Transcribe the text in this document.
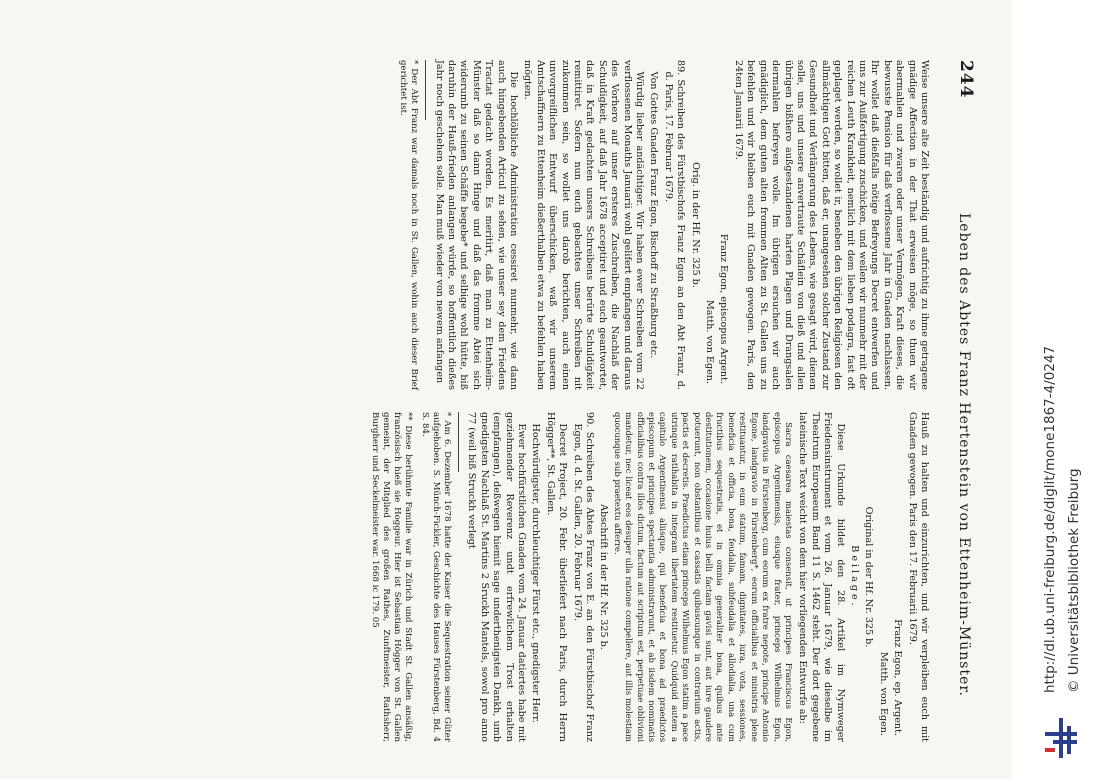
244
Leben des Abtes Franz Hertenstein von Ettenheim-Münster.

Weise unsere alte Zeit beständig und aufrichtig zu ihme getragene gnädige Affection in der That erweisen möge, so thuen wir abermahlen und zwaren oder unser Vermögen, Kraft dieses, die bewusste Pension für daß verflossene Jahr in Gnaden nachlassen. Ihr wollet daß dießfalls nötige Befreyungs Decret entwerfen und uns zur Außfertigung zuschicken, und weilen wir nunmehr mit der reichen Leuth Krankheit, nemlich mit dem lieben podagra, fast oft geplaget werden, so wollet ir, beneben den übrigen Religiosen den allmächtigen Gott bitten, daß er, unangesehen solcher Zustand zur Gesundheit und Verlängerung des Lebens, wie gesagt wird, dienen solle, uns und unsere anvertraute Schäflein von dieß und allen übrigen bißhero außgestandenen harten Plagen und Drangsalen dermahlen befreyen wolle. Im übrigen ersuchen wir auch gnädiglich, dem guten alten frommen Alten zu St. Gallen uns zu befehlen und wir bleiben euch mit Gnaden gewogen. Paris, den 24ten Januarii 1679.

Franz Egon, episcopus Argent.

Matth. von Egen.

Orig. in der Hf. Nr. 325 b.

89. Schreiben des Fürstbischofs Franz Egon an den Abt Franz, d. d. Paris, 17. Februar 1679.

Von Gottes Gnaden Franz Egon, Bischoff zu Straßburg etc.

Würdig lieber andächtiger. Wir haben ewer Schreiben vom 22 verflossenen Monaths Januarii wohl gelifert empfangen und daraus des Vorhero auf unser ersteres Zuschreiben, die Nachlaß der Schuldigkeit, auf daß Jahr 1678 acceptiret und euch geantwortet, daß in Kraft gedachten unsers Schreibens berürte Schuldigkeit remittiret. Sofern nun euch gebachtes unser Schreiben nit zukommen sein, so wollet uns darob berichten, auch einen unvorgreiflichen Entwurf überschicken, waß wir unserem Amtschaffnern zu Ettenheim dießerthalben etwa zu befehlen haben mögten.

Die hochlöbliche Administration cessiret nunmehr, wie dann auch hingebenden Articul zu sehen, wie unser sey dem Friedens Tractat gedacht worden. Es meritirt, daß man zu Ettenheim-Münster daß so dann Hinge und daß das fromme Abtei sich widerumb zu seinen Schäffe begebe* und selbige wohl hütte, biß daruhin der Hauß-frieden anlangen würde, so hoffentlich dießes Jahr noch geschehen solle. Man muß wieder von newem anfangen

* Der Abt Franz war damals noch in St. Gallen, wohin auch dieser Brief gerichtet ist.

Hauß zu halten und einzurichten, und wir verpleiben euch mit Gnaden gewogen. Paris den 17. Februarii 1679.

Franz Egon, ep. Argent.

Matth. von Egen.

Original in der Hf. Nr. 325 b.

Beilage.

Diese Urkunde bildet den 28. Artikel im Nymweger Friedensinstrument et vom 26. Januar 1679, wie dieselbe im Theatrum Europaeum Band 11 S. 1462 steht. Der dort gegebene lateinische Text weicht von dem hier vorliegenden Entwurfe ab:

Sacra caesarea maiestas consensit, ut principes Franciscus Egon, episcopus Argentinensis, eiusque frater, princeps Wilhelmus Egon, landgravius in Fürstenberg, cum eorum ex fratre nepote, principe Antonio Egone, landgravio in Fürstenberg*, eorum officialibus et ministris plene restituantur, in eum statum, famam, dignitates, iura, vota, sessiones, beneficia et officia, bona, feudalia, subfeudalia et allodialia, una cum fructibus sequestratis, et in omnia generaliter bona, quibus ante destitutionem, occasione huius belli factam gavisi sunt, aut iure gaudere potuerunt, non obstantibus et cassatis quibuscunque in contrarium actis, pactis et decretis. Praedictus etiam princeps Wilhelmus Egon statim a pace utrinque ratihabita in integram libertatem restituetur. Quidquid autem a capitulo Argentinensi aliisque, qui beneficia et bona ad praedictos episcopum et principes spectantia administrarunt, et ab iisdem nominatis officialibus contra illos dictum, factum aut scriptum est, perpetuae oblivioni mandetur, nec liceat eos desuper ulla ratione compellere, aut illis molestiam quocunque sub praetextu afferre.

Abschrift in der Hf. Nr. 325 b.

90. Schreiben des Abtes Franz von E. an den Fürstbischof Franz Egon, d. d. St. Gallen, 20. Februar 1679.

Decret Project, 20. Febr. überliefert nach Paris, durch Herrn Högger**, St. Gallen.

Hochwürdigster, durchleuchtiger Fürst etc., gnedigster Herr.

Ewer hochfürstlichen Gnaden vom 24. Januar datiertes habe mit geziehmender Reverenz undt erfrewlichem Trost erhalten (empfangen), deßwegen hiemit sage underthenigsten Dankh, umb gnedigsten Nachlaß St. Martins 2 Sruckh Mantels, sowol pro anno 77 (weil biß Struckh verlegt

* Am 6. Dezember 1678 hatte der Kaiser die Sequestration seiner Güter aufgehoben. S. Münch-Fickler, Geschichte des Hauses Fürstenberg, Bd. 4 S. 84.

** Diese berühmte Familie war in Zürich und Stadt St. Gallen ansäßig, französisch hieß sie Hoggeur. Hier ist Sebastian Högger von St. Gallen gemeint, der Mitglied des großen Rathes, Zunftmeister, Rathsherr, Burgherr und Seckelmeister war. 1668 ic 179. 05	http://dl.ub.uni-freiburg.de/diglit/mone1867-4/0247 © Universitätsbibliothek Freiburg
